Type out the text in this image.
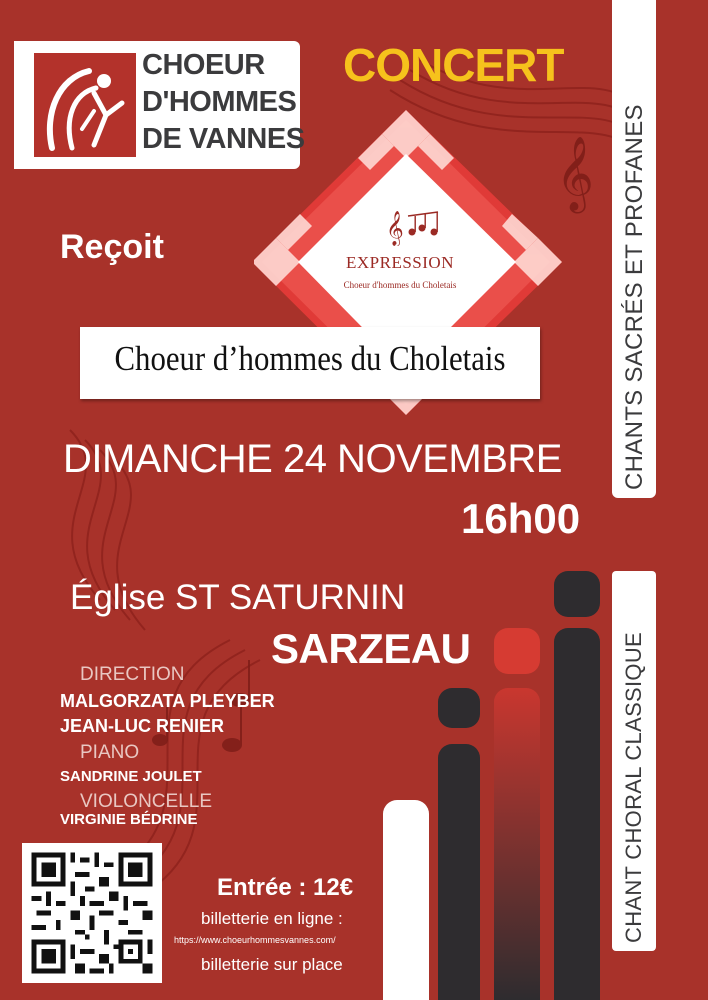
𝄞
CHOEUR
D'HOMMES
DE VANNES
CONCERT
Reçoit	𝄞
EXPRESSION
Choeur d'hommes du Choletais
Choeur d’hommes du Choletais
DIMANCHE 24 NOVEMBRE
16h00
Église ST SATURNIN
SARZEAU
DIRECTION
MALGORZATA PLEYBER
JEAN-LUC RENIER
PIANO
SANDRINE JOULET
VIOLONCELLE
VIRGINIE BÉDRINE
Entrée : 12€
billetterie en ligne :
https://www.choeurhommesvannes.com/
billetterie sur place
CHANTS SACRÉS ET PROFANES
CHANT CHORAL CLASSIQUE
